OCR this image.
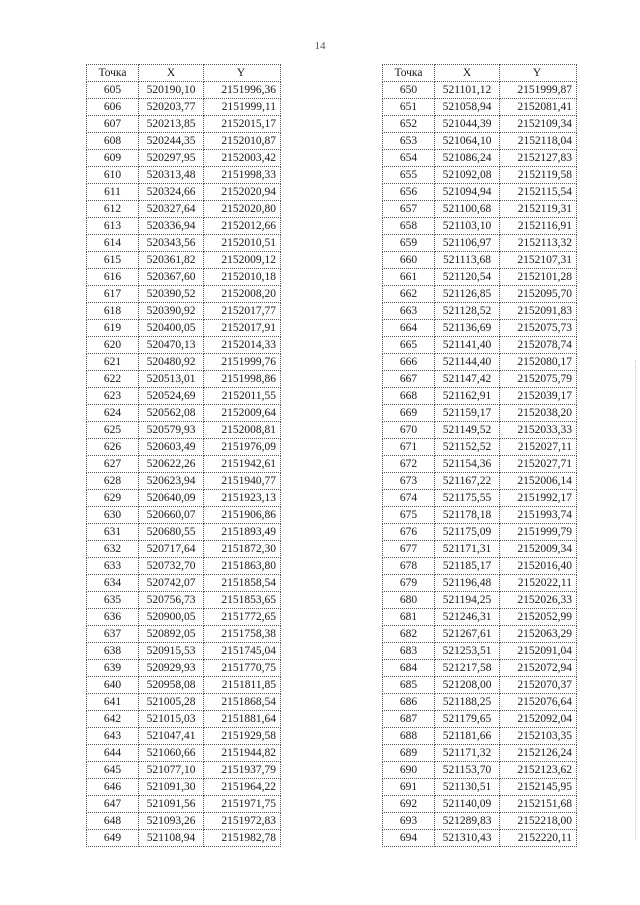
14
Точка	X	Y
605	520190,10	2151996,36
606	520203,77	2151999,11
607	520213,85	2152015,17
608	520244,35	2152010,87
609	520297,95	2152003,42
610	520313,48	2151998,33
611	520324,66	2152020,94
612	520327,64	2152020,80
613	520336,94	2152012,66
614	520343,56	2152010,51
615	520361,82	2152009,12
616	520367,60	2152010,18
617	520390,52	2152008,20
618	520390,92	2152017,77
619	520400,05	2152017,91
620	520470,13	2152014,33
621	520480,92	2151999,76
622	520513,01	2151998,86
623	520524,69	2152011,55
624	520562,08	2152009,64
625	520579,93	2152008,81
626	520603,49	2151976,09
627	520622,26	2151942,61
628	520623,94	2151940,77
629	520640,09	2151923,13
630	520660,07	2151906,86
631	520680,55	2151893,49
632	520717,64	2151872,30
633	520732,70	2151863,80
634	520742,07	2151858,54
635	520756,73	2151853,65
636	520900,05	2151772,65
637	520892,05	2151758,38
638	520915,53	2151745,04
639	520929,93	2151770,75
640	520958,08	2151811,85
641	521005,28	2151868,54
642	521015,03	2151881,64
643	521047,41	2151929,58
644	521060,66	2151944,82
645	521077,10	2151937,79
646	521091,30	2151964,22
647	521091,56	2151971,75
648	521093,26	2151972,83
649	521108,94	2151982,78
Точка	X	Y
650	521101,12	2151999,87
651	521058,94	2152081,41
652	521044,39	2152109,34
653	521064,10	2152118,04
654	521086,24	2152127,83
655	521092,08	2152119,58
656	521094,94	2152115,54
657	521100,68	2152119,31
658	521103,10	2152116,91
659	521106,97	2152113,32
660	521113,68	2152107,31
661	521120,54	2152101,28
662	521126,85	2152095,70
663	521128,52	2152091,83
664	521136,69	2152075,73
665	521141,40	2152078,74
666	521144,40	2152080,17
667	521147,42	2152075,79
668	521162,91	2152039,17
669	521159,17	2152038,20
670	521149,52	2152033,33
671	521152,52	2152027,11
672	521154,36	2152027,71
673	521167,22	2152006,14
674	521175,55	2151992,17
675	521178,18	2151993,74
676	521175,09	2151999,79
677	521171,31	2152009,34
678	521185,17	2152016,40
679	521196,48	2152022,11
680	521194,25	2152026,33
681	521246,31	2152052,99
682	521267,61	2152063,29
683	521253,51	2152091,04
684	521217,58	2152072,94
685	521208,00	2152070,37
686	521188,25	2152076,64
687	521179,65	2152092,04
688	521181,66	2152103,35
689	521171,32	2152126,24
690	521153,70	2152123,62
691	521130,51	2152145,95
692	521140,09	2152151,68
693	521289,83	2152218,00
694	521310,43	2152220,11
